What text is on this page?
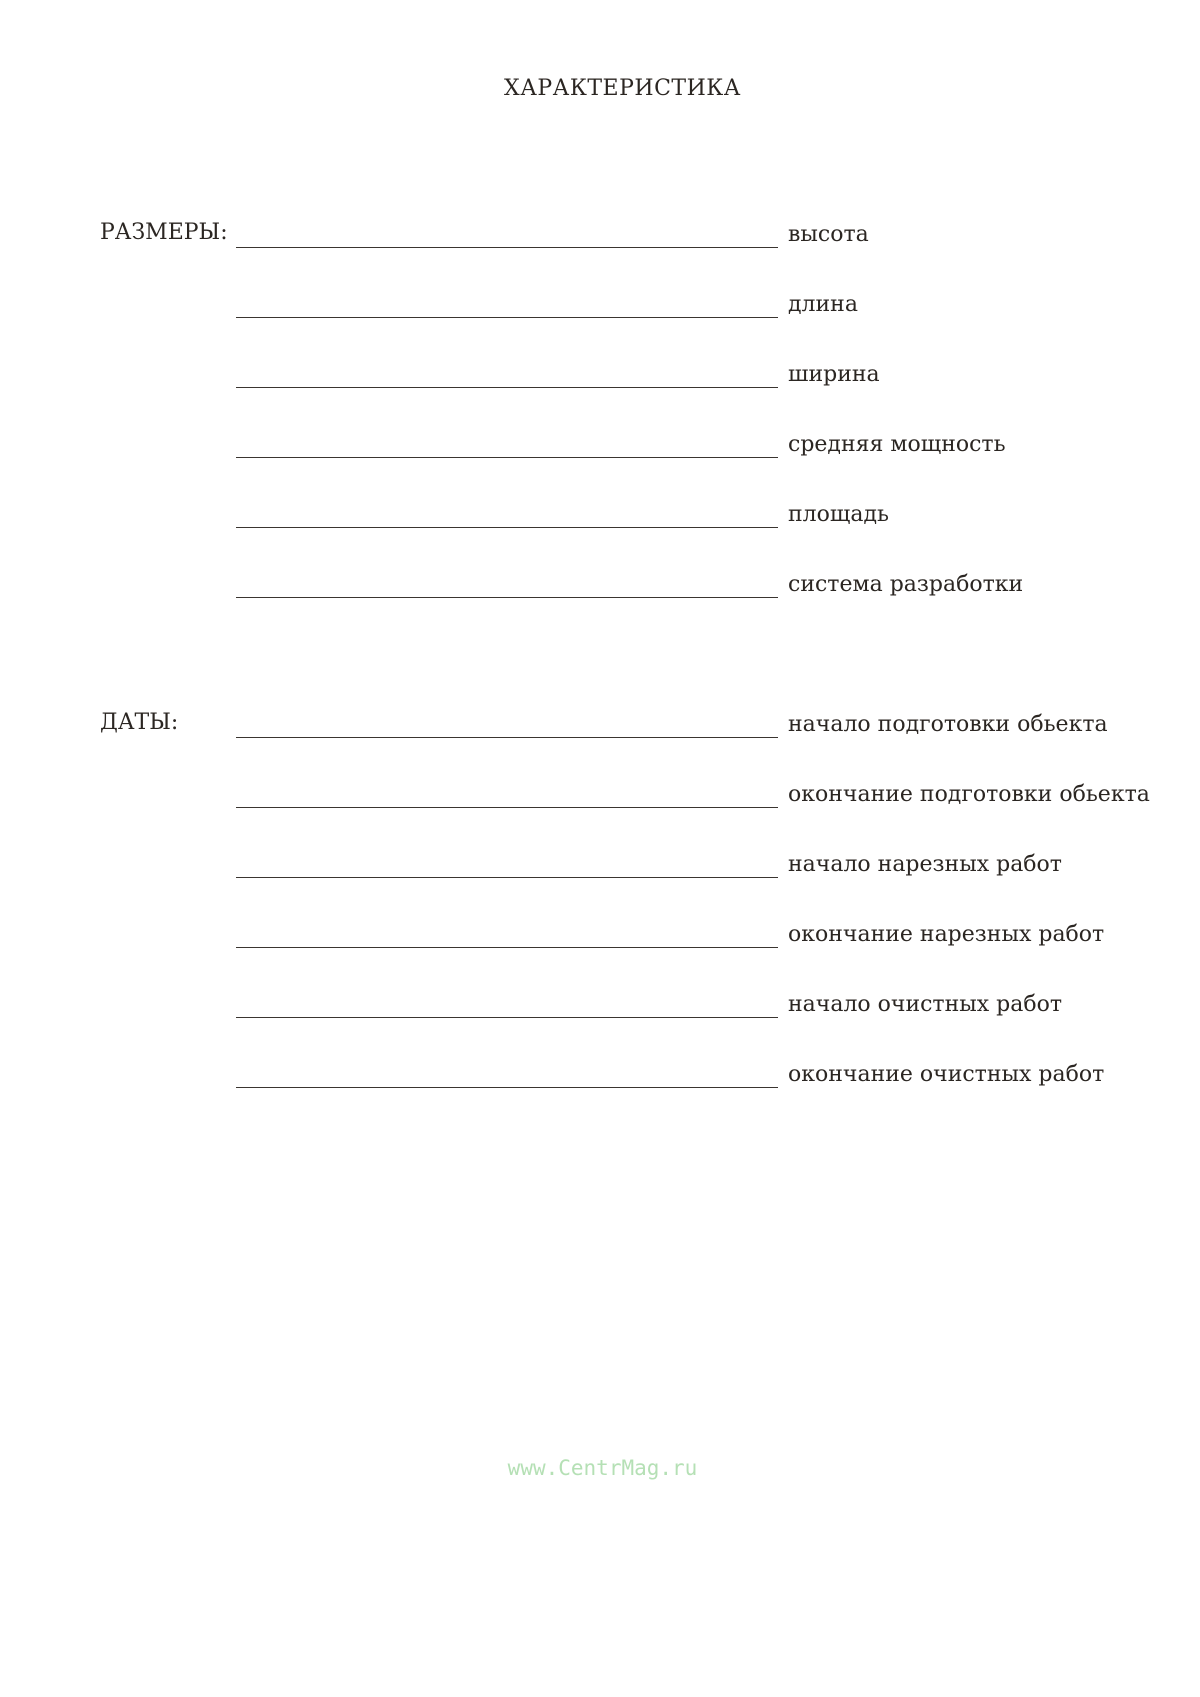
ХАРАКТЕРИСТИКА
РАЗМЕРЫ:	высота
длина
ширина
средняя мощность
площадь
система разработки
ДАТЫ:	начало подготовки обьекта
окончание подготовки обьекта
начало нарезных работ
окончание нарезных работ
начало очистных работ
окончание очистных работ
www.CentrMag.ru
